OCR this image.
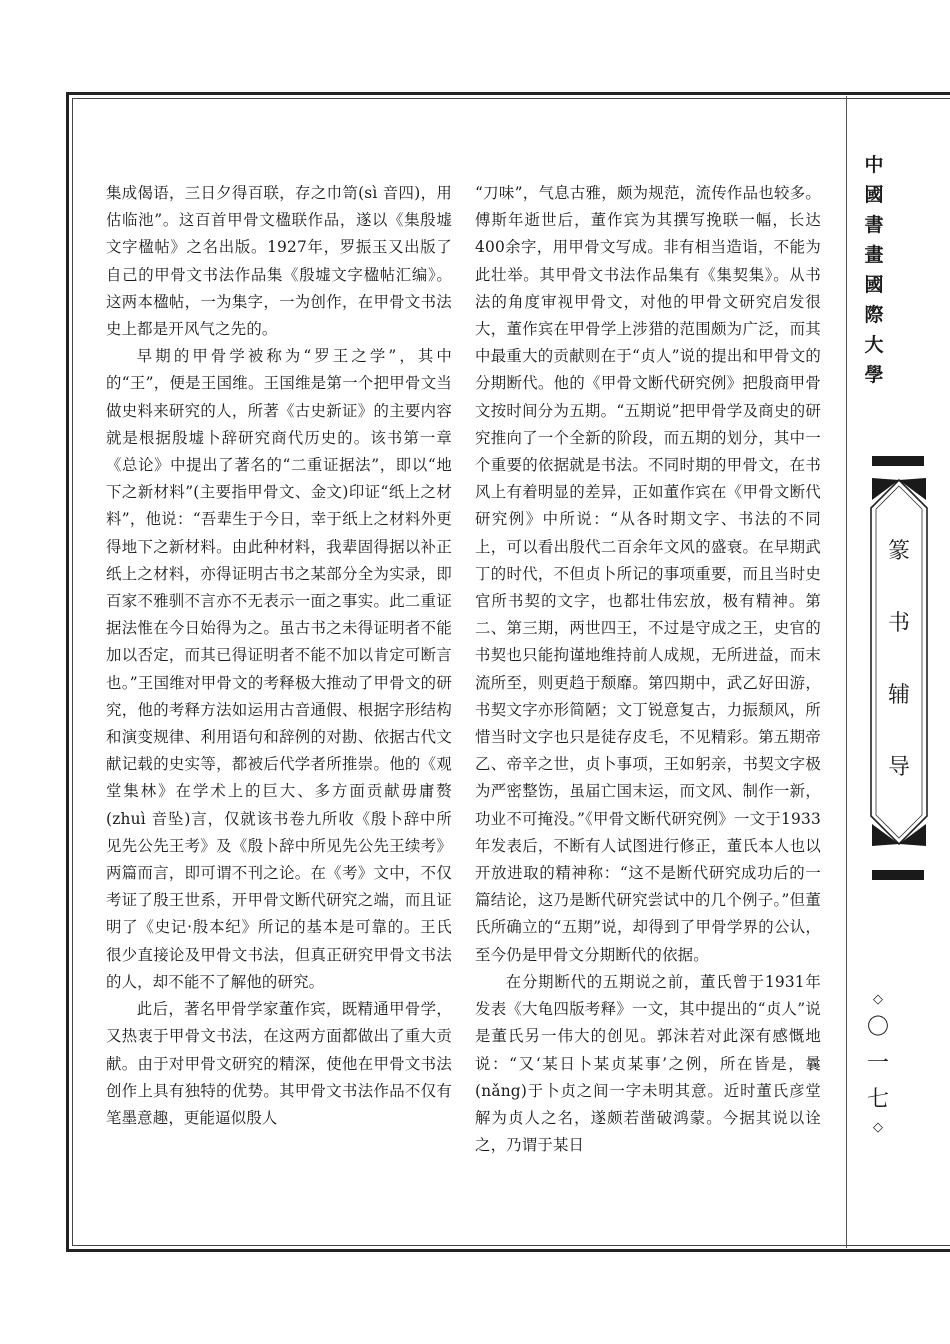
集成偈语，三日夕得百联，存之巾笥(sì 音四)，用估临池”。这百首甲骨文楹联作品，遂以《集殷墟文字楹帖》之名出版。1927年，罗振玉又出版了自己的甲骨文书法作品集《殷墟文字楹帖汇编》。这两本楹帖，一为集字，一为创作，在甲骨文书法史上都是开风气之先的。

早期的甲骨学被称为“罗王之学”，其中的“王”，便是王国维。王国维是第一个把甲骨文当做史料来研究的人，所著《古史新证》的主要内容就是根据殷墟卜辞研究商代历史的。该书第一章《总论》中提出了著名的“二重证据法”，即以“地下之新材料”(主要指甲骨文、金文)印证“纸上之材料”，他说：“吾辈生于今日，幸于纸上之材料外更得地下之新材料。由此种材料，我辈固得据以补正纸上之材料，亦得证明古书之某部分全为实录，即百家不雅驯不言亦不无表示一面之事实。此二重证据法惟在今日始得为之。虽古书之未得证明者不能加以否定，而其已得证明者不能不加以肯定可断言也。”王国维对甲骨文的考释极大推动了甲骨文的研究，他的考释方法如运用古音通假、根据字形结构和演变规律、利用语句和辞例的对勘、依据古代文献记载的史实等，都被后代学者所推崇。他的《观堂集林》在学术上的巨大、多方面贡献毋庸赘(zhuì 音坠)言，仅就该书卷九所收《殷卜辞中所见先公先王考》及《殷卜辞中所见先公先王续考》两篇而言，即可谓不刊之论。在《考》文中，不仅考证了殷王世系，开甲骨文断代研究之端，而且证明了《史记·殷本纪》所记的基本是可靠的。王氏很少直接论及甲骨文书法，但真正研究甲骨文书法的人，却不能不了解他的研究。

此后，著名甲骨学家董作宾，既精通甲骨学，又热衷于甲骨文书法，在这两方面都做出了重大贡献。由于对甲骨文研究的精深，使他在甲骨文书法创作上具有独特的优势。其甲骨文书法作品不仅有笔墨意趣，更能逼似殷人

“刀味”，气息古雅，颇为规范，流传作品也较多。傅斯年逝世后，董作宾为其撰写挽联一幅，长达400余字，用甲骨文写成。非有相当造诣，不能为此壮举。其甲骨文书法作品集有《集契集》。从书法的角度审视甲骨文，对他的甲骨文研究启发很大，董作宾在甲骨学上涉猎的范围颇为广泛，而其中最重大的贡献则在于“贞人”说的提出和甲骨文的分期断代。他的《甲骨文断代研究例》把殷商甲骨文按时间分为五期。“五期说”把甲骨学及商史的研究推向了一个全新的阶段，而五期的划分，其中一个重要的依据就是书法。不同时期的甲骨文，在书风上有着明显的差异，正如董作宾在《甲骨文断代研究例》中所说：“从各时期文字、书法的不同上，可以看出殷代二百余年文风的盛衰。在早期武丁的时代，不但贞卜所记的事项重要，而且当时史官所书契的文字，也都壮伟宏放，极有精神。第二、第三期，两世四王，不过是守成之王，史官的书契也只能拘谨地维持前人成规，无所进益，而末流所至，则更趋于颓靡。第四期中，武乙好田游，书契文字亦形简陋；文丁锐意复古，力振颓风，所惜当时文字也只是徒存皮毛，不见精彩。第五期帝乙、帝辛之世，贞卜事项，王如躬亲，书契文字极为严密整饬，虽届亡国末运，而文风、制作一新，功业不可掩没。”《甲骨文断代研究例》一文于1933年发表后，不断有人试图进行修正，董氏本人也以开放进取的精神称：“这不是断代研究成功后的一篇结论，这乃是断代研究尝试中的几个例子。”但董氏所确立的“五期”说，却得到了甲骨学界的公认，至今仍是甲骨文分期断代的依据。

在分期断代的五期说之前，董氏曾于1931年发表《大龟四版考释》一文，其中提出的“贞人”说是董氏另一伟大的创见。郭沫若对此深有感慨地说：“又‘某日卜某贞某事’之例，所在皆是，曩(nǎng)于卜贞之间一字未明其意。近时董氏彦堂解为贞人之名，遂颇若凿破鸿蒙。今据其说以诠之，乃谓于某日

中
國
書
畫
國
際
大
學
篆
书
辅
导
◇
〇
一
七
◇
